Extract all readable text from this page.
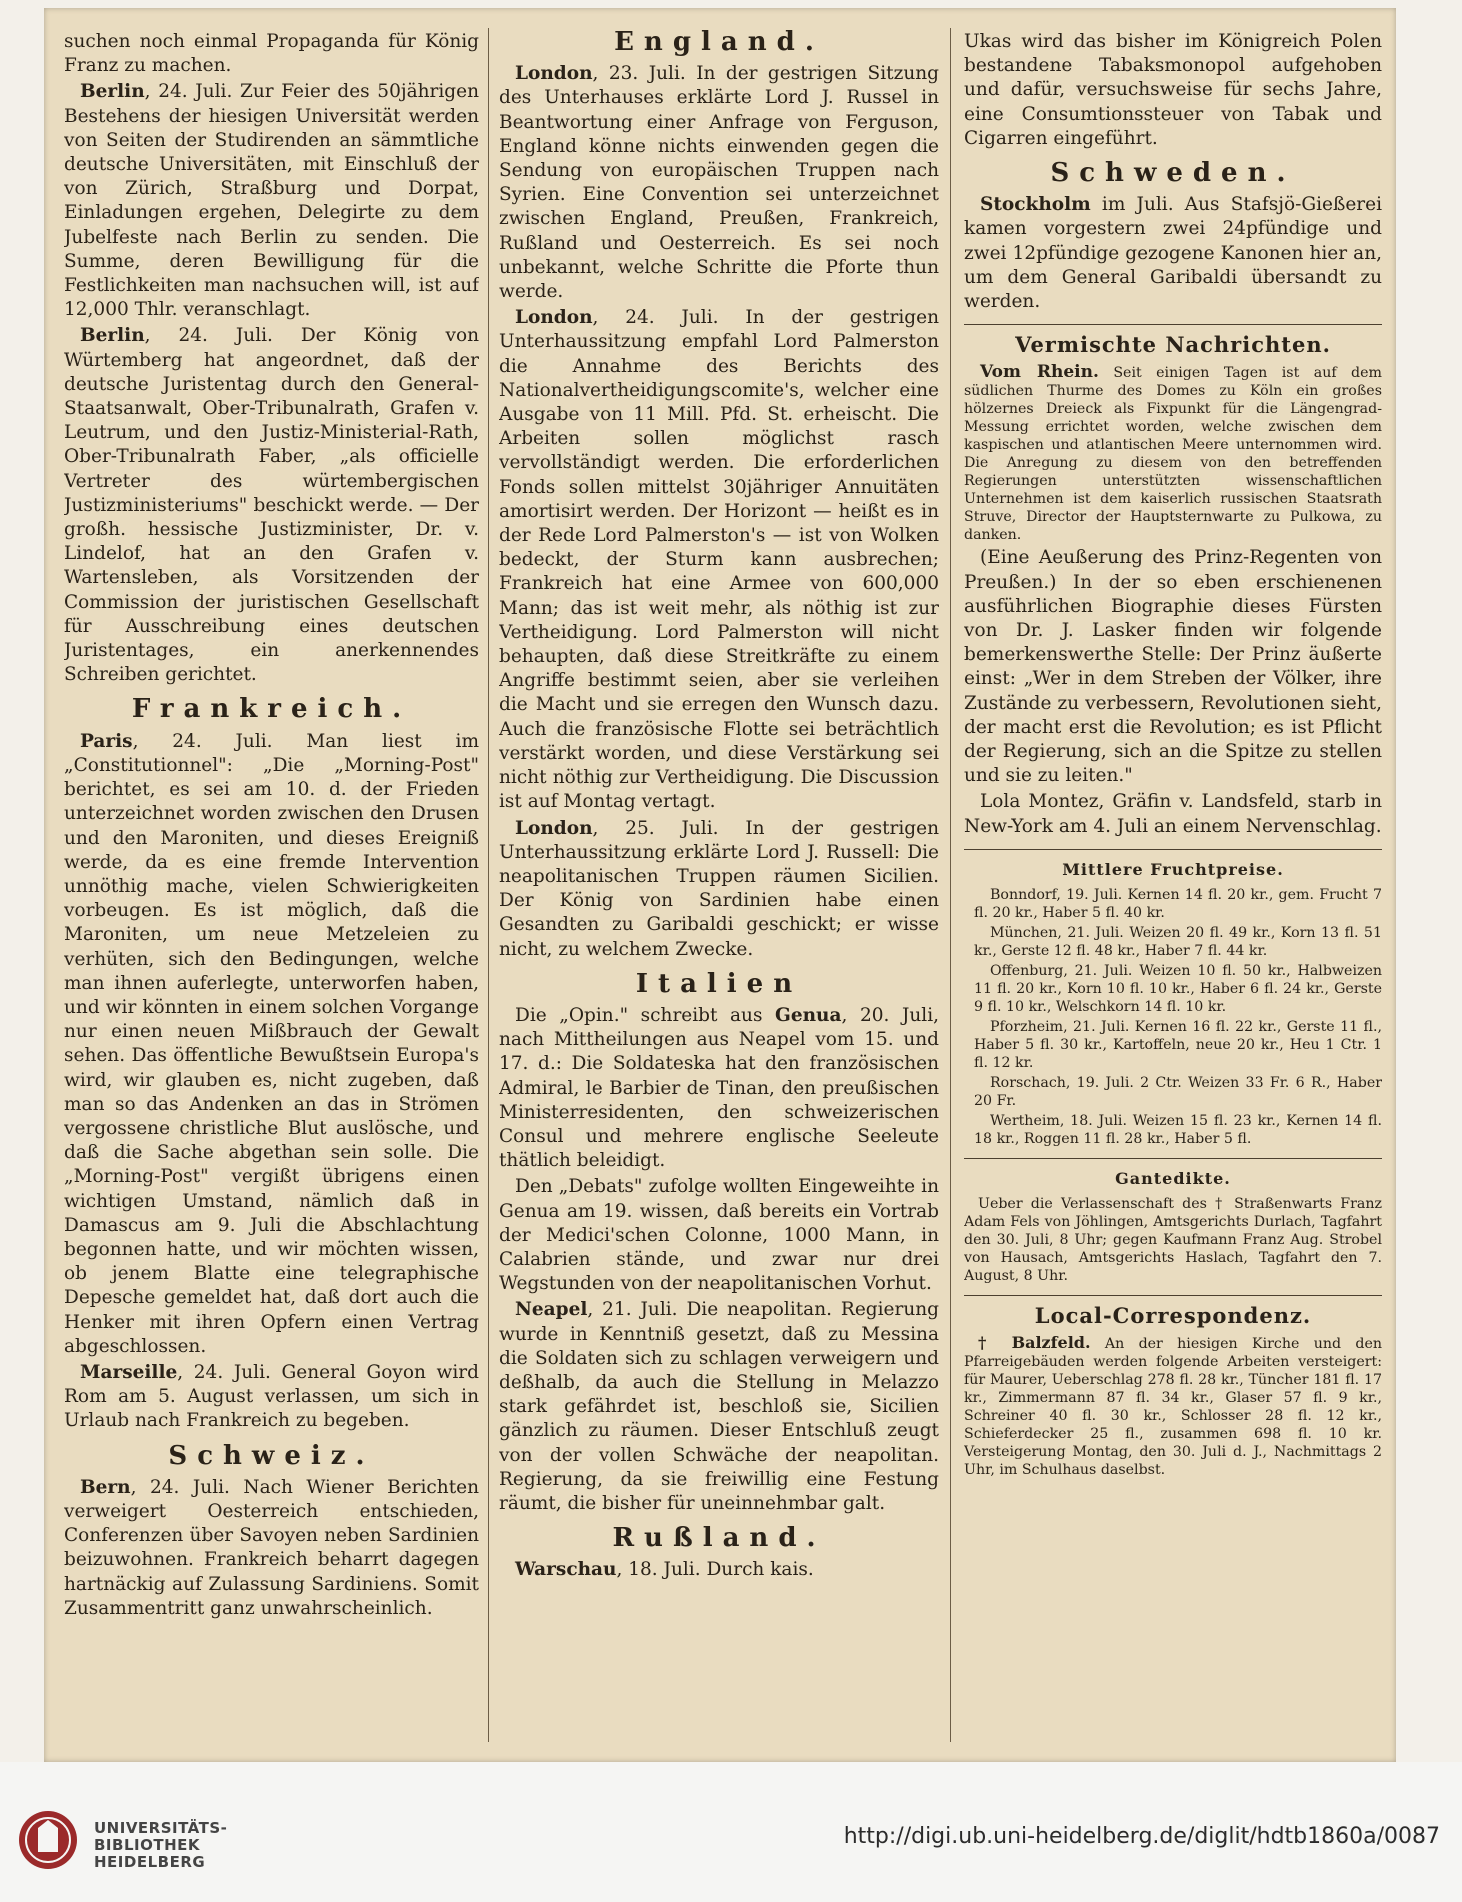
suchen noch einmal Propaganda für König Franz zu machen.

Berlin, 24. Juli. Zur Feier des 50jährigen Bestehens der hiesigen Universität werden von Seiten der Studirenden an sämmtliche deutsche Universitäten, mit Einschluß der von Zürich, Straßburg und Dorpat, Einladungen ergehen, Delegirte zu dem Jubelfeste nach Berlin zu senden. Die Summe, deren Bewilligung für die Festlichkeiten man nachsuchen will, ist auf 12,000 Thlr. veranschlagt.

Berlin, 24. Juli. Der König von Würtemberg hat angeordnet, daß der deutsche Juristentag durch den General-Staatsanwalt, Ober-Tribunalrath, Grafen v. Leutrum, und den Justiz-Ministerial-Rath, Ober-Tribunalrath Faber, „als officielle Vertreter des würtembergischen Justizministeriums" beschickt werde. — Der großh. hessische Justizminister, Dr. v. Lindelof, hat an den Grafen v. Wartensleben, als Vorsitzenden der Commission der juristischen Gesellschaft für Ausschreibung eines deutschen Juristentages, ein anerkennendes Schreiben gerichtet.

Frankreich.

Paris, 24. Juli. Man liest im „Constitutionnel": „Die „Morning-Post" berichtet, es sei am 10. d. der Frieden unterzeichnet worden zwischen den Drusen und den Maroniten, und dieses Ereigniß werde, da es eine fremde Intervention unnöthig mache, vielen Schwierigkeiten vorbeugen. Es ist möglich, daß die Maroniten, um neue Metzeleien zu verhüten, sich den Bedingungen, welche man ihnen auferlegte, unterworfen haben, und wir könnten in einem solchen Vorgange nur einen neuen Mißbrauch der Gewalt sehen. Das öffentliche Bewußtsein Europa's wird, wir glauben es, nicht zugeben, daß man so das Andenken an das in Strömen vergossene christliche Blut auslösche, und daß die Sache abgethan sein solle. Die „Morning-Post" vergißt übrigens einen wichtigen Umstand, nämlich daß in Damascus am 9. Juli die Abschlachtung begonnen hatte, und wir möchten wissen, ob jenem Blatte eine telegraphische Depesche gemeldet hat, daß dort auch die Henker mit ihren Opfern einen Vertrag abgeschlossen.

Marseille, 24. Juli. General Goyon wird Rom am 5. August verlassen, um sich in Urlaub nach Frankreich zu begeben.

Schweiz.

Bern, 24. Juli. Nach Wiener Berichten verweigert Oesterreich entschieden, Conferenzen über Savoyen neben Sardinien beizuwohnen. Frankreich beharrt dagegen hartnäckig auf Zulassung Sardiniens. Somit Zusammentritt ganz unwahrscheinlich.

England.

London, 23. Juli. In der gestrigen Sitzung des Unterhauses erklärte Lord J. Russel in Beantwortung einer Anfrage von Ferguson, England könne nichts einwenden gegen die Sendung von europäischen Truppen nach Syrien. Eine Convention sei unterzeichnet zwischen England, Preußen, Frankreich, Rußland und Oesterreich. Es sei noch unbekannt, welche Schritte die Pforte thun werde.

London, 24. Juli. In der gestrigen Unterhaussitzung empfahl Lord Palmerston die Annahme des Berichts des Nationalvertheidigungscomite's, welcher eine Ausgabe von 11 Mill. Pfd. St. erheischt. Die Arbeiten sollen möglichst rasch vervollständigt werden. Die erforderlichen Fonds sollen mittelst 30jähriger Annuitäten amortisirt werden. Der Horizont — heißt es in der Rede Lord Palmerston's — ist von Wolken bedeckt, der Sturm kann ausbrechen; Frankreich hat eine Armee von 600,000 Mann; das ist weit mehr, als nöthig ist zur Vertheidigung. Lord Palmerston will nicht behaupten, daß diese Streitkräfte zu einem Angriffe bestimmt seien, aber sie verleihen die Macht und sie erregen den Wunsch dazu. Auch die französische Flotte sei beträchtlich verstärkt worden, und diese Verstärkung sei nicht nöthig zur Vertheidigung. Die Discussion ist auf Montag vertagt.

London, 25. Juli. In der gestrigen Unterhaussitzung erklärte Lord J. Russell: Die neapolitanischen Truppen räumen Sicilien. Der König von Sardinien habe einen Gesandten zu Garibaldi geschickt; er wisse nicht, zu welchem Zwecke.

Italien

Die „Opin." schreibt aus Genua, 20. Juli, nach Mittheilungen aus Neapel vom 15. und 17. d.: Die Soldateska hat den französischen Admiral, le Barbier de Tinan, den preußischen Ministerresidenten, den schweizerischen Consul und mehrere englische Seeleute thätlich beleidigt.

Den „Debats" zufolge wollten Eingeweihte in Genua am 19. wissen, daß bereits ein Vortrab der Medici'schen Colonne, 1000 Mann, in Calabrien stände, und zwar nur drei Wegstunden von der neapolitanischen Vorhut.

Neapel, 21. Juli. Die neapolitan. Regierung wurde in Kenntniß gesetzt, daß zu Messina die Soldaten sich zu schlagen verweigern und deßhalb, da auch die Stellung in Melazzo stark gefährdet ist, beschloß sie, Sicilien gänzlich zu räumen. Dieser Entschluß zeugt von der vollen Schwäche der neapolitan. Regierung, da sie freiwillig eine Festung räumt, die bisher für uneinnehmbar galt.

Rußland.

Warschau, 18. Juli. Durch kais.

Ukas wird das bisher im Königreich Polen bestandene Tabaksmonopol aufgehoben und dafür, versuchsweise für sechs Jahre, eine Consumtionssteuer von Tabak und Cigarren eingeführt.

Schweden.

Stockholm im Juli. Aus Stafsjö-Gießerei kamen vorgestern zwei 24pfündige und zwei 12pfündige gezogene Kanonen hier an, um dem General Garibaldi übersandt zu werden.

Vermischte Nachrichten.

Vom Rhein. Seit einigen Tagen ist auf dem südlichen Thurme des Domes zu Köln ein großes hölzernes Dreieck als Fixpunkt für die Längengrad-Messung errichtet worden, welche zwischen dem kaspischen und atlantischen Meere unternommen wird. Die Anregung zu diesem von den betreffenden Regierungen unterstützten wissenschaftlichen Unternehmen ist dem kaiserlich russischen Staatsrath Struve, Director der Hauptsternwarte zu Pulkowa, zu danken.

(Eine Aeußerung des Prinz-Regenten von Preußen.) In der so eben erschienenen ausführlichen Biographie dieses Fürsten von Dr. J. Lasker finden wir folgende bemerkenswerthe Stelle: Der Prinz äußerte einst: „Wer in dem Streben der Völker, ihre Zustände zu verbessern, Revolutionen sieht, der macht erst die Revolution; es ist Pflicht der Regierung, sich an die Spitze zu stellen und sie zu leiten."

Lola Montez, Gräfin v. Landsfeld, starb in New-York am 4. Juli an einem Nervenschlag.

Mittlere Fruchtpreise.

Bonndorf, 19. Juli. Kernen 14 fl. 20 kr., gem. Frucht 7 fl. 20 kr., Haber 5 fl. 40 kr.

München, 21. Juli. Weizen 20 fl. 49 kr., Korn 13 fl. 51 kr., Gerste 12 fl. 48 kr., Haber 7 fl. 44 kr.

Offenburg, 21. Juli. Weizen 10 fl. 50 kr., Halbweizen 11 fl. 20 kr., Korn 10 fl. 10 kr., Haber 6 fl. 24 kr., Gerste 9 fl. 10 kr., Welschkorn 14 fl. 10 kr.

Pforzheim, 21. Juli. Kernen 16 fl. 22 kr., Gerste 11 fl., Haber 5 fl. 30 kr., Kartoffeln, neue 20 kr., Heu 1 Ctr. 1 fl. 12 kr.

Rorschach, 19. Juli. 2 Ctr. Weizen 33 Fr. 6 R., Haber 20 Fr.

Wertheim, 18. Juli. Weizen 15 fl. 23 kr., Kernen 14 fl. 18 kr., Roggen 11 fl. 28 kr., Haber 5 fl.

Gantedikte.

Ueber die Verlassenschaft des † Straßenwarts Franz Adam Fels von Jöhlingen, Amtsgerichts Durlach, Tagfahrt den 30. Juli, 8 Uhr; gegen Kaufmann Franz Aug. Strobel von Hausach, Amtsgerichts Haslach, Tagfahrt den 7. August, 8 Uhr.

Local-Correspondenz.

† Balzfeld. An der hiesigen Kirche und den Pfarreigebäuden werden folgende Arbeiten versteigert: für Maurer, Ueberschlag 278 fl. 28 kr., Tüncher 181 fl. 17 kr., Zimmermann 87 fl. 34 kr., Glaser 57 fl. 9 kr., Schreiner 40 fl. 30 kr., Schlosser 28 fl. 12 kr., Schieferdecker 25 fl., zusammen 698 fl. 10 kr. Versteigerung Montag, den 30. Juli d. J., Nachmittags 2 Uhr, im Schulhaus daselbst.

UNIVERSITÄTS-
BIBLIOTHEK
HEIDELBERG
http://digi.ub.uni-heidelberg.de/diglit/hdtb1860a/0087
